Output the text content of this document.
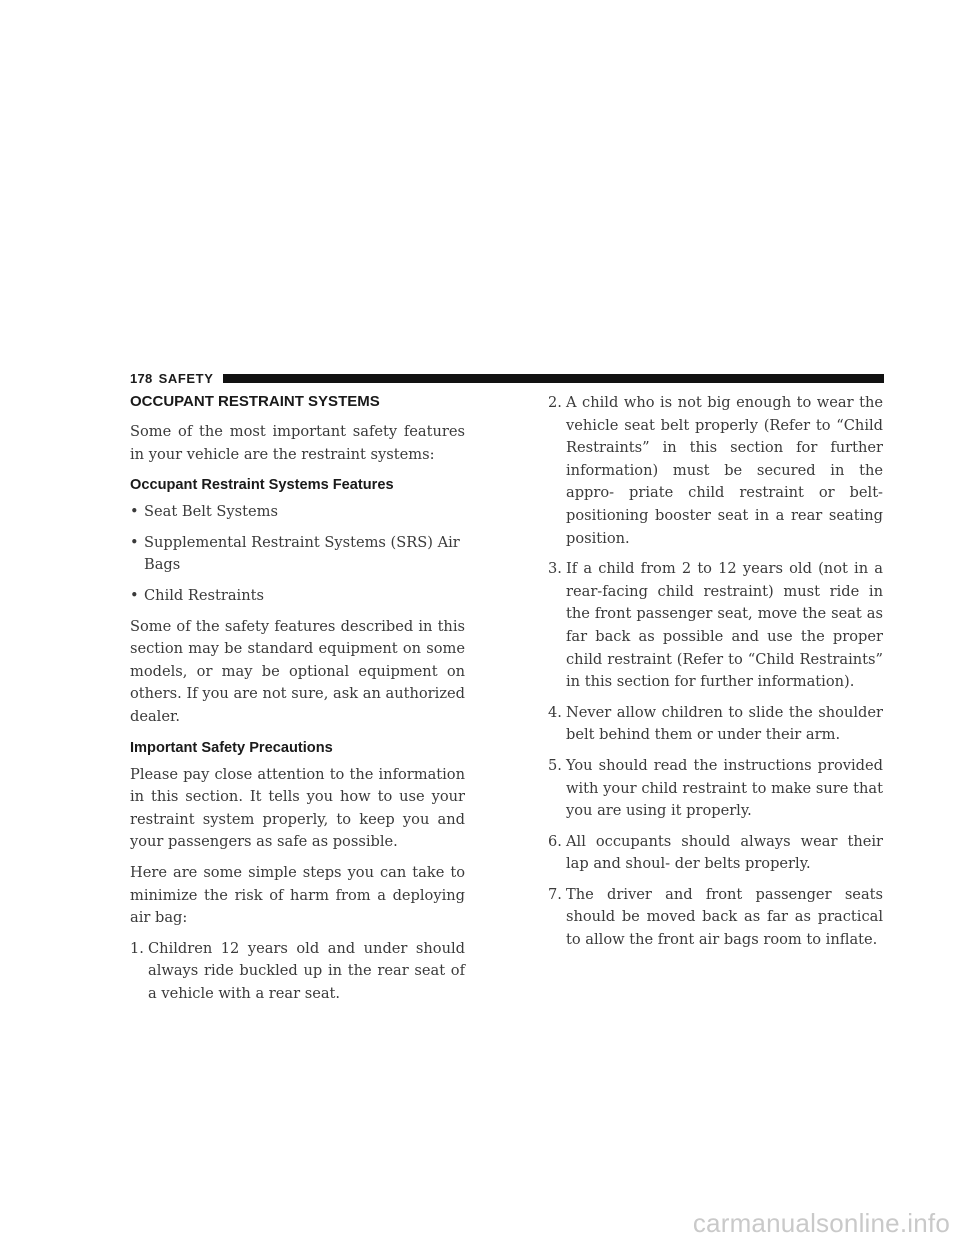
178 SAFETY
OCCUPANT RESTRAINT SYSTEMS

Some of the most important safety features in your vehicle are the restraint systems:

Occupant Restraint Systems Features
• Seat Belt Systems
• Supplemental Restraint Systems (SRS) Air Bags
• Child Restraints

Some of the safety features described in this section may be standard equipment on some models, or may be optional equipment on others. If you are not sure, ask an authorized dealer.

Important Safety Precautions

Please pay close attention to the information in this section. It tells you how to use your restraint system properly, to keep you and your passengers as safe as possible.

Here are some simple steps you can take to minimize the risk of harm from a deploying air bag:

1. Children 12 years old and under should always ride buckled up in the rear seat of a vehicle with a rear seat.
2. A child who is not big enough to wear the vehicle seat belt properly (Refer to “Child Restraints” in this section for further information) must be secured in the appro- priate child restraint or belt-positioning booster seat in a rear seating position.
3. If a child from 2 to 12 years old (not in a rear-facing child restraint) must ride in the front passenger seat, move the seat as far back as possible and use the proper child restraint (Refer to “Child Restraints” in this section for further information).
4. Never allow children to slide the shoulder belt behind them or under their arm.
5. You should read the instructions provided with your child restraint to make sure that you are using it properly.
6. All occupants should always wear their lap and shoul- der belts properly.
7. The driver and front passenger seats should be moved back as far as practical to allow the front air bags room to inflate.
carmanualsonline.info
